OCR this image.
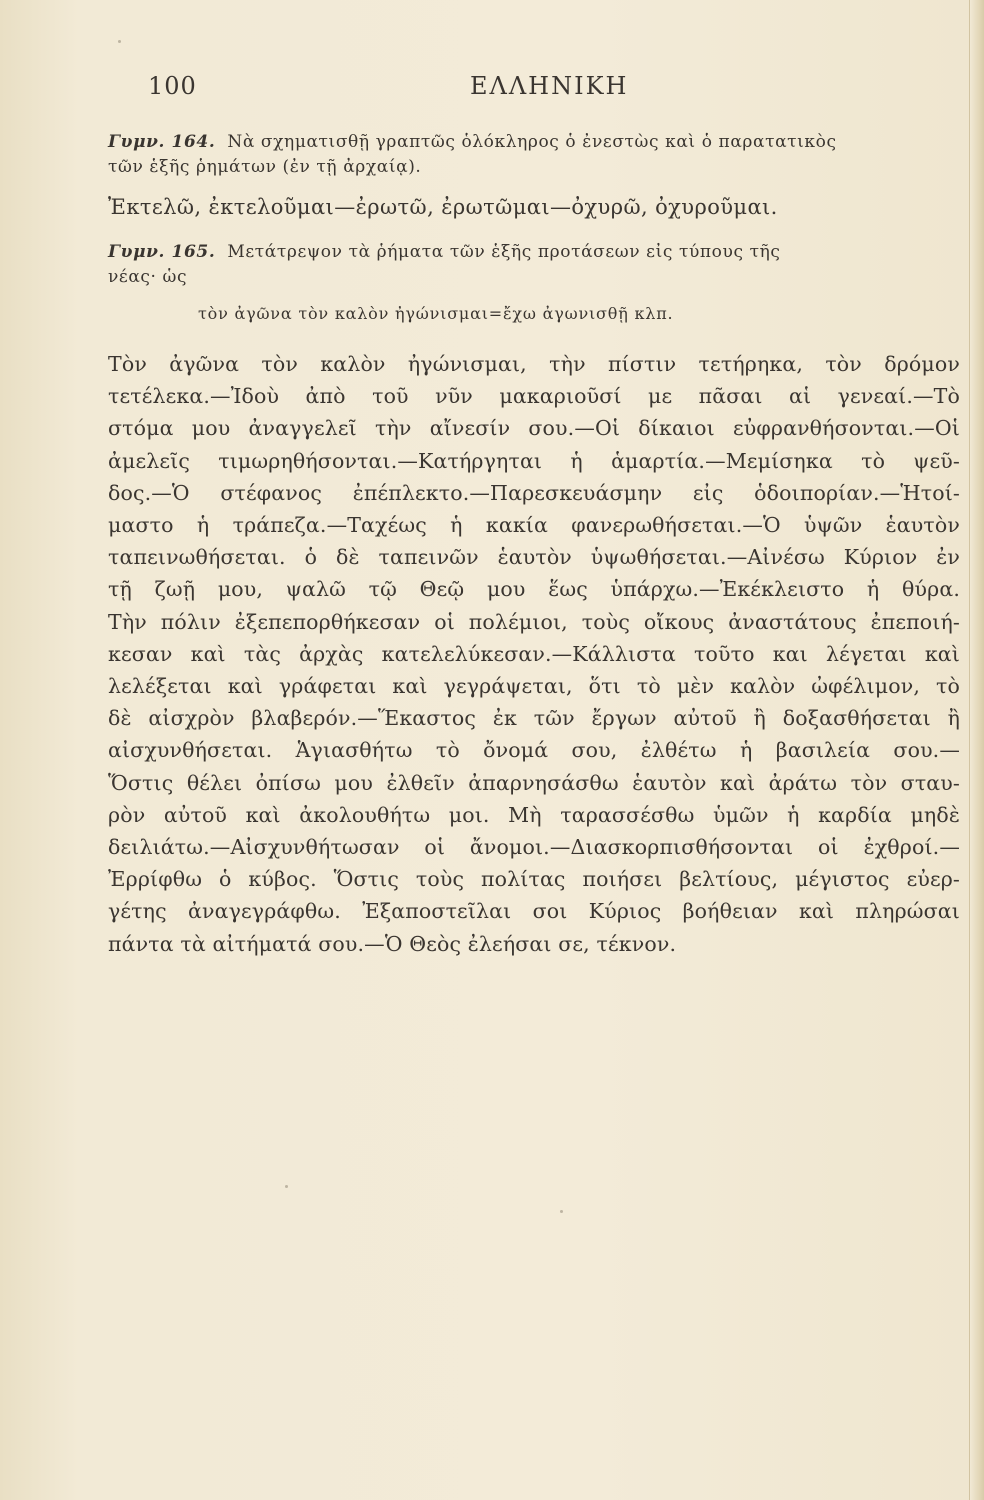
100	ΕΛΛΗΝΙΚΗ
Γυμν. 164. Νὰ σχηματισθῇ γραπτῶς ὁλόκληρος ὁ ἐνεστὼς καὶ ὁ παρατατικὸς
τῶν ἑξῆς ῥημάτων (ἐν τῇ ἀρχαίᾳ).
Ἐκτελῶ, ἐκτελοῦμαι—ἐρωτῶ, ἐρωτῶμαι—ὀχυρῶ, ὀχυροῦμαι.
Γυμν. 165. Μετάτρεψον τὰ ῥήματα τῶν ἑξῆς προτάσεων εἰς τύπους τῆς
νέας· ὡς
τὸν ἀγῶνα τὸν καλὸν ἠγώνισμαι=ἔχω ἀγωνισθῇ κλπ.

Τὸν ἀγῶνα τὸν καλὸν ἠγώνισμαι, τὴν πίστιν τετήρηκα, τὸν δρόμον

τετέλεκα.—Ἰδοὺ ἀπὸ τοῦ νῦν μακαριοῦσί με πᾶσαι αἱ γενεαί.—Τὸ

στόμα μου ἀναγγελεῖ τὴν αἴνεσίν σου.—Οἱ δίκαιοι εὐφρανθήσονται.—Οἱ

ἀμελεῖς τιμωρηθήσονται.—Κατήργηται ἡ ἁμαρτία.—Μεμίσηκα τὸ ψεῦ-

δος.—Ὁ στέφανος ἐπέπλεκτο.—Παρεσκευάσμην εἰς ὁδοιπορίαν.—Ἡτοί-

μαστο ἡ τράπεζα.—Ταχέως ἡ κακία φανερωθήσεται.—Ὁ ὑψῶν ἑαυτὸν

ταπεινωθήσεται. ὁ δὲ ταπεινῶν ἑαυτὸν ὑψωθήσεται.—Αἰνέσω Κύριον ἐν

τῇ ζωῇ μου, ψαλῶ τῷ Θεῷ μου ἕως ὑπάρχω.—Ἐκέκλειστο ἡ θύρα.

Τὴν πόλιν ἐξεπεπορθήκεσαν οἱ πολέμιοι, τοὺς οἴκους ἀναστάτους ἐπεποιή-

κεσαν καὶ τὰς ἀρχὰς κατελελύκεσαν.—Κάλλιστα τοῦτο και λέγεται καὶ

λελέξεται καὶ γράφεται καὶ γεγράψεται, ὅτι τὸ μὲν καλὸν ὠφέλιμον, τὸ

δὲ αἰσχρὸν βλαβερόν.—Ἕκαστος ἐκ τῶν ἔργων αὐτοῦ ἢ δοξασθήσεται ἢ

αἰσχυνθήσεται. Ἁγιασθήτω τὸ ὄνομά σου, ἐλθέτω ἡ βασιλεία σου.—

Ὅστις θέλει ὀπίσω μου ἐλθεῖν ἀπαρνησάσθω ἑαυτὸν καὶ ἀράτω τὸν σταυ-

ρὸν αὐτοῦ καὶ ἀκολουθήτω μοι. Μὴ ταρασσέσθω ὑμῶν ἡ καρδία μηδὲ

δειλιάτω.—Αἰσχυνθήτωσαν οἱ ἄνομοι.—Διασκορπισθήσονται οἱ ἐχθροί.—

Ἐρρίφθω ὁ κύβος. Ὅστις τοὺς πολίτας ποιήσει βελτίους, μέγιστος εὐερ-

γέτης ἀναγεγράφθω. Ἐξαποστεῖλαι σοι Κύριος βοήθειαν καὶ πληρώσαι

πάντα τὰ αἰτήματά σου.—Ὁ Θεὸς ἐλεήσαι σε, τέκνον.
